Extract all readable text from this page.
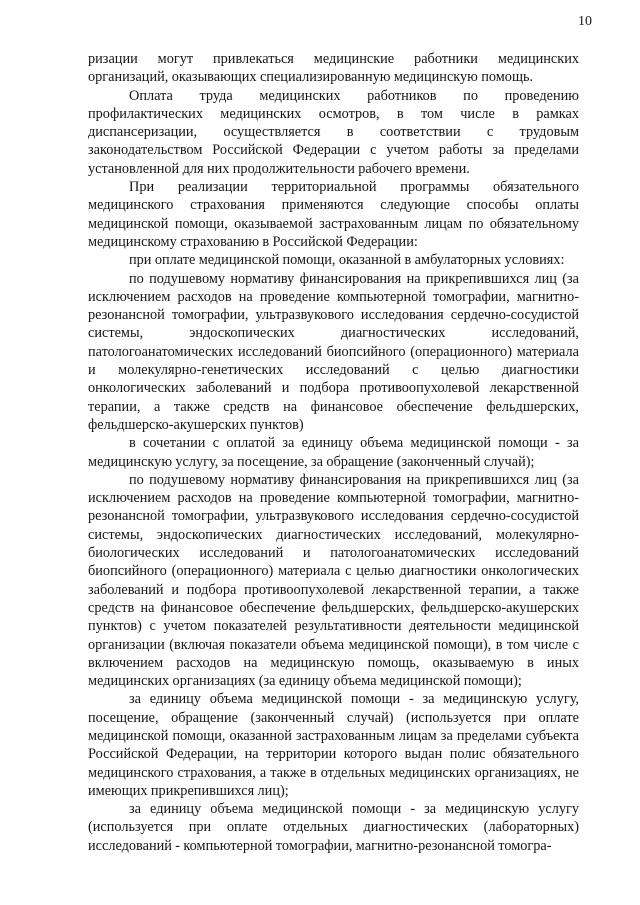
10

ризации могут привлекаться медицинские работники медицинских организаций, оказывающих специализированную медицинскую помощь.

Оплата труда медицинских работников по проведению профилактических медицинских осмотров, в том числе в рамках диспансеризации, осуществляется в соответствии с трудовым законодательством Российской Федерации с учетом работы за пределами установленной для них продолжительности рабочего времени.

При реализации территориальной программы обязательного медицинского страхования применяются следующие способы оплаты медицинской помощи, оказываемой застрахованным лицам по обязательному медицинскому страхованию в Российской Федерации:

при оплате медицинской помощи, оказанной в амбулаторных условиях:

по подушевому нормативу финансирования на прикрепившихся лиц (за исключением расходов на проведение компьютерной томографии, магнитно-резонансной томографии, ультразвукового исследования сердечно-сосудистой системы, эндоскопических диагностических исследований, патологоанатомических исследований биопсийного (операционного) материала и молекулярно-генетических исследований с целью диагностики онкологических заболеваний и подбора противоопухолевой лекарственной терапии, а также средств на финансовое обеспечение фельдшерских, фельдшерско-акушерских пунктов)

в сочетании с оплатой за единицу объема медицинской помощи - за медицинскую услугу, за посещение, за обращение (законченный случай);

по подушевому нормативу финансирования на прикрепившихся лиц (за исключением расходов на проведение компьютерной томографии, магнитно-резонансной томографии, ультразвукового исследования сердечно-сосудистой системы, эндоскопических диагностических исследований, молекулярно-биологических исследований и патологоанатомических исследований биопсийного (операционного) материала с целью диагностики онкологических заболеваний и подбора противоопухолевой лекарственной терапии, а также средств на финансовое обеспечение фельдшерских, фельдшерско-акушерских пунктов) с учетом показателей результативности деятельности медицинской организации (включая показатели объема медицинской помощи), в том числе с включением расходов на медицинскую помощь, оказываемую в иных медицинских организациях (за единицу объема медицинской помощи);

за единицу объема медицинской помощи - за медицинскую услугу, посещение, обращение (законченный случай) (используется при оплате медицинской помощи, оказанной застрахованным лицам за пределами субъекта Российской Федерации, на территории которого выдан полис обязательного медицинского страхования, а также в отдельных медицинских организациях, не имеющих прикрепившихся лиц);

за единицу объема медицинской помощи - за медицинскую услугу (используется при оплате отдельных диагностических (лабораторных) исследований - компьютерной томографии, магнитно-резонансной томогра-
